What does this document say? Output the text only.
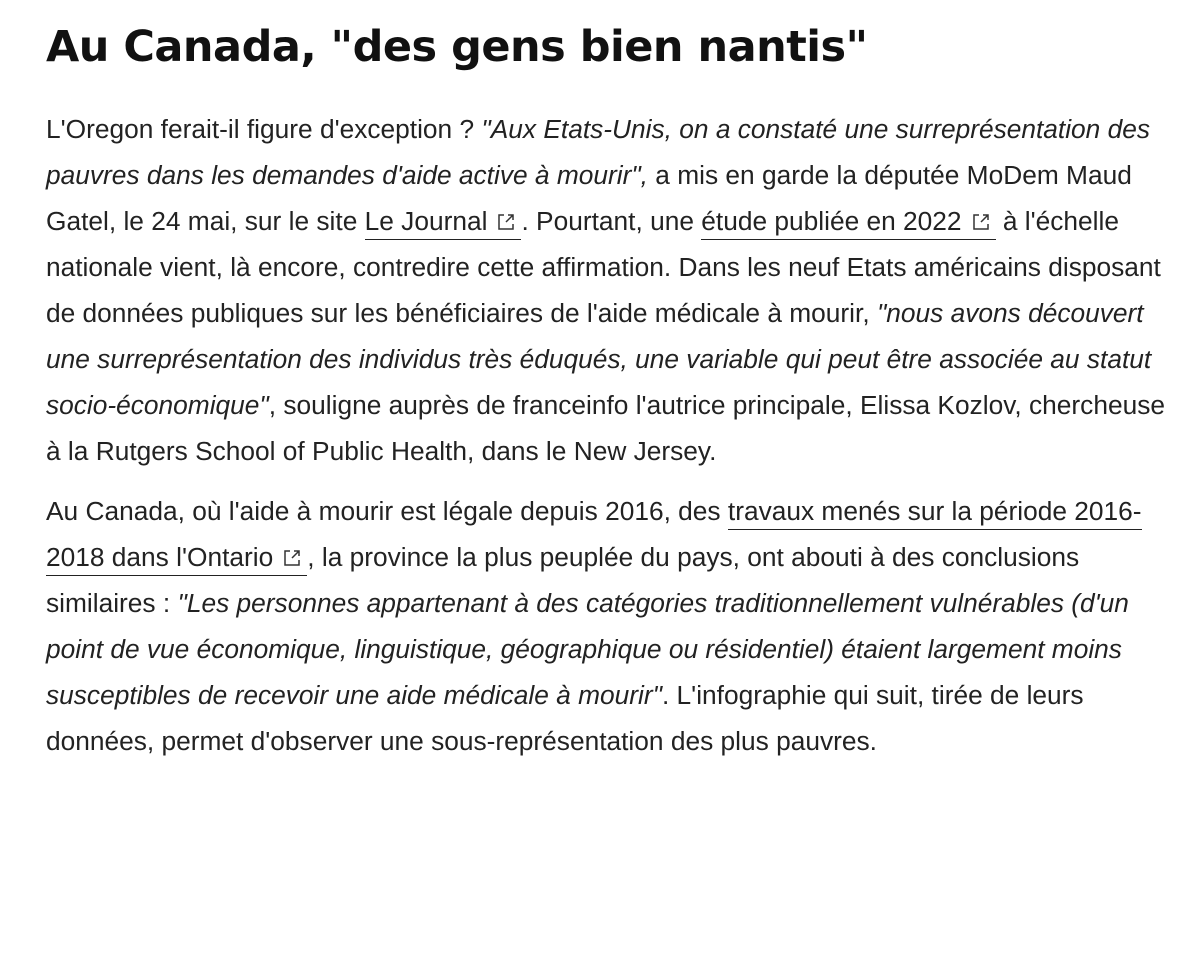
Au Canada, "des gens bien nantis"

L'Oregon ferait-il figure d'exception ? "Aux Etats-Unis, on a constaté une surreprésentation des pauvres dans les demandes d'aide active à mourir", a mis en garde la députée MoDem Maud Gatel, le 24 mai, sur le site Le Journal . Pourtant, une étude publiée en 2022 à l'échelle nationale vient, là encore, contredire cette affirmation. Dans les neuf Etats américains disposant de données publiques sur les bénéficiaires de l'aide médicale à mourir, "nous avons découvert une surreprésentation des individus très éduqués, une variable qui peut être associée au statut socio-économique", souligne auprès de franceinfo l'autrice principale, Elissa Kozlov, chercheuse à la Rutgers School of Public Health, dans le New Jersey.

Au Canada, où l'aide à mourir est légale depuis 2016, des travaux menés sur la période 2016-2018 dans l'Ontario , la province la plus peuplée du pays, ont abouti à des conclusions similaires : "Les personnes appartenant à des catégories traditionnellement vulnérables (d'un point de vue économique, linguistique, géographique ou résidentiel) étaient largement moins susceptibles de recevoir une aide médicale à mourir". L'infographie qui suit, tirée de leurs données, permet d'observer une sous-représentation des plus pauvres.
